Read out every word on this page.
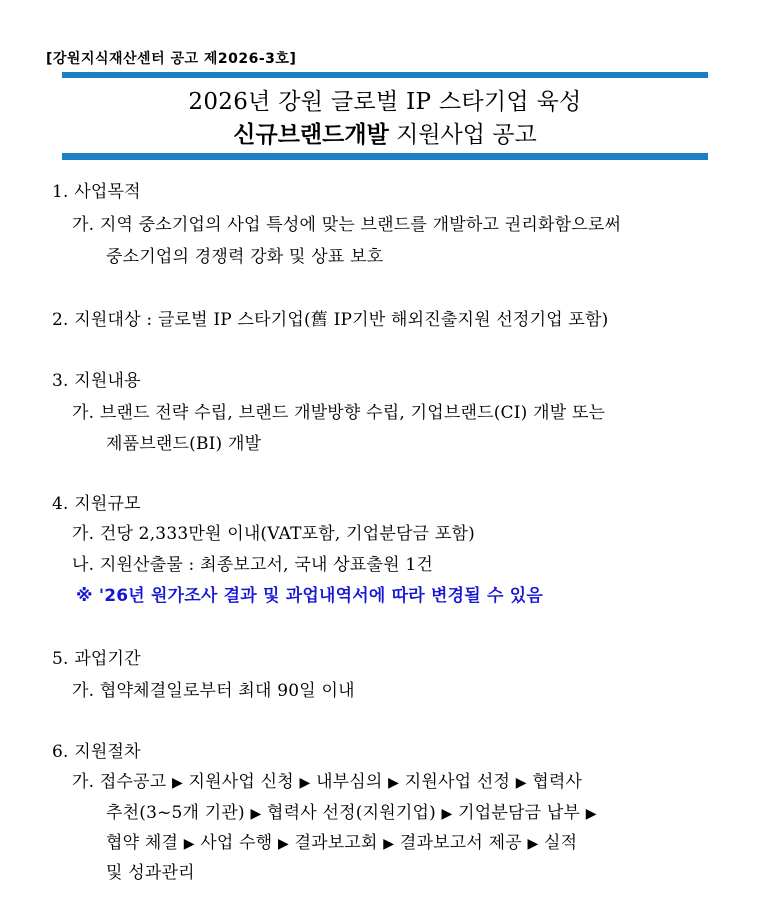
[강원지식재산센터 공고 제2026-3호]
2026년 강원 글로벌 IP 스타기업 육성
신규브랜드개발 지원사업 공고
1. 사업목적
가. 지역 중소기업의 사업 특성에 맞는 브랜드를 개발하고 권리화함으로써
중소기업의 경쟁력 강화 및 상표 보호
2. 지원대상 : 글로벌 IP 스타기업(舊 IP기반 해외진출지원 선정기업 포함)
3. 지원내용
가. 브랜드 전략 수립, 브랜드 개발방향 수립, 기업브랜드(CI) 개발 또는
제품브랜드(BI) 개발
4. 지원규모
가. 건당 2,333만원 이내(VAT포함, 기업분담금 포함)
나. 지원산출물 : 최종보고서, 국내 상표출원 1건
※ '26년 원가조사 결과 및 과업내역서에 따라 변경될 수 있음
5. 과업기간
가. 협약체결일로부터 최대 90일 이내
6. 지원절차
가. 접수공고 ▶ 지원사업 신청 ▶ 내부심의 ▶ 지원사업 선정 ▶ 협력사
추천(3~5개 기관) ▶ 협력사 선정(지원기업) ▶ 기업분담금 납부 ▶
협약 체결 ▶ 사업 수행 ▶ 결과보고회 ▶ 결과보고서 제공 ▶ 실적
및 성과관리
